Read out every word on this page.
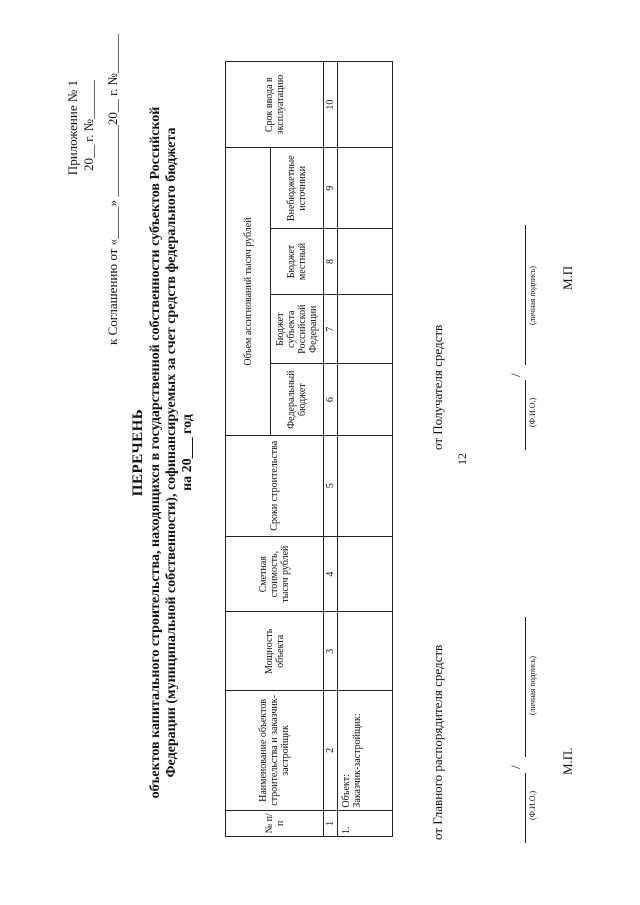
12
Приложение № 1 20__ г. №______ к Соглашению от «_____» ___________20__ г. №______
ПЕРЕЧЕНЬ объектов капитального строительства, находящихся в государственной собственности субъектов Российской Федерации (муниципальной собственности), софинансируемых за счет средств федерального бюджета на 20___ год
№ п/п	Наименование объектов строительства и заказчик-застройщик	Мощность объекта	Сметная стоимость, тысяч рублей	Сроки строительства	Объем ассигнований тысяч рублей				Срок ввода в эксплуатацию
					Федеральный бюджет	Бюджет субъекта Российской Федерации	Бюджет местный	Внебюджетные источники	
1	2	3	4	5	6	7	8	9	10
1.	Объект: Заказчик-застройщик:								
									от Главного распорядителя средств	(Ф.И.О.)
/
(личная подпись)
М.П.
от Получателя средств	(Ф.И.О.)
/
(личная подпись) М.П
